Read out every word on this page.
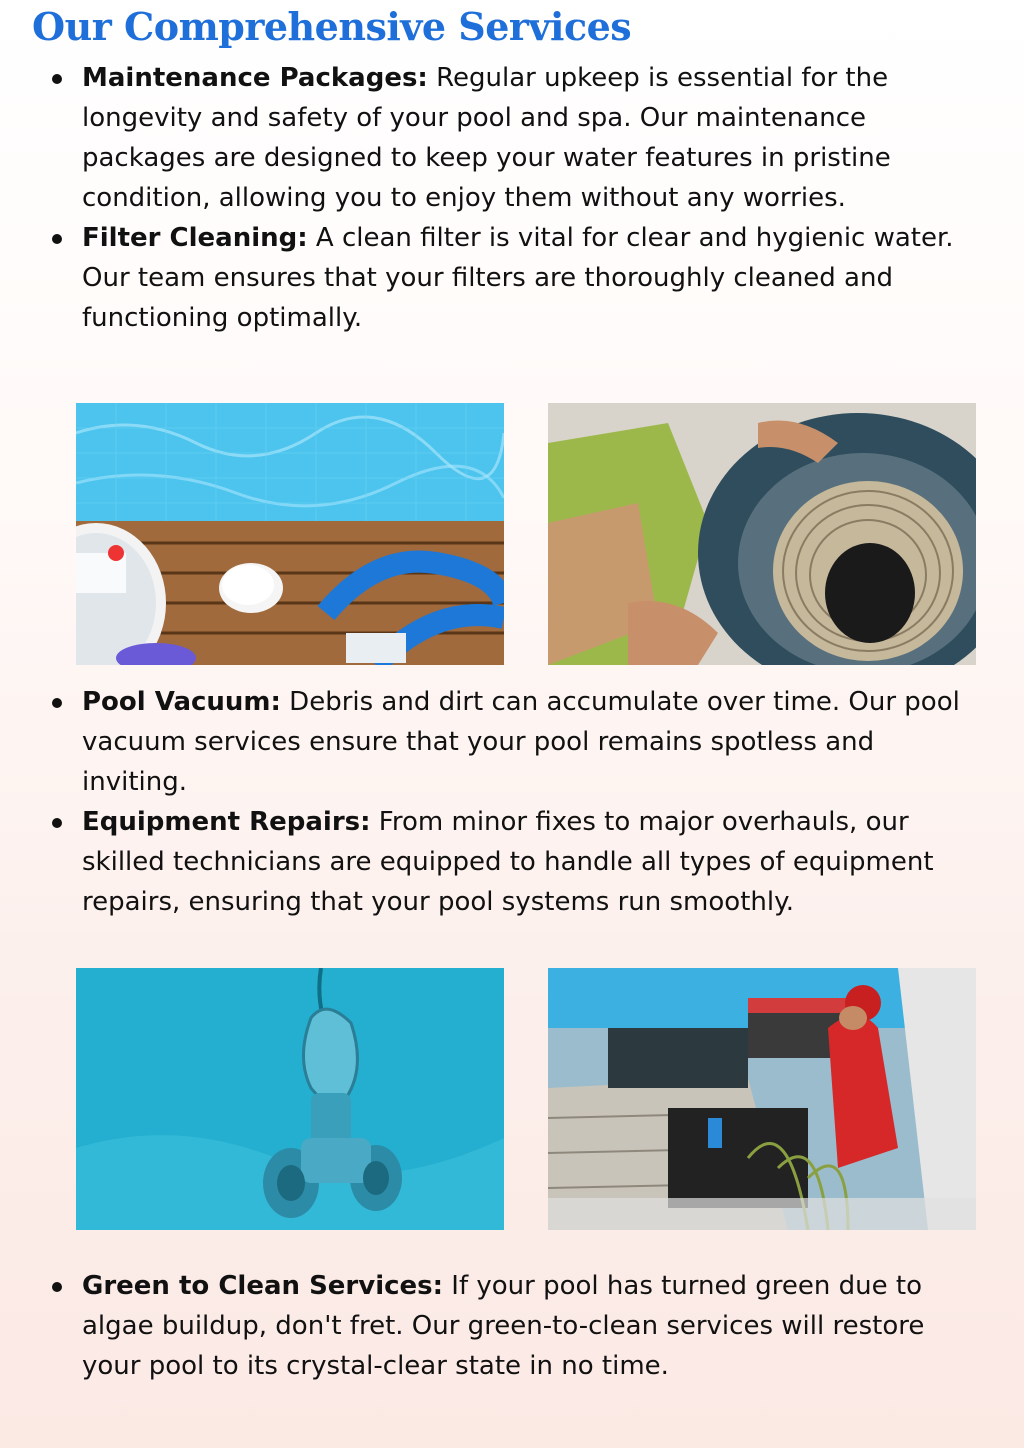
Our Comprehensive Services
Maintenance Packages: Regular upkeep is essential for the longevity and safety of your pool and spa. Our maintenance packages are designed to keep your water features in pristine condition, allowing you to enjoy them without any worries.
Filter Cleaning: A clean filter is vital for clear and hygienic water. Our team ensures that your filters are thoroughly cleaned and functioning optimally.
Pool Vacuum: Debris and dirt can accumulate over time. Our pool vacuum services ensure that your pool remains spotless and inviting.
Equipment Repairs: From minor fixes to major overhauls, our skilled technicians are equipped to handle all types of equipment repairs, ensuring that your pool systems run smoothly.
Green to Clean Services: If your pool has turned green due to algae buildup, don't fret. Our green-to-clean services will restore your pool to its crystal-clear state in no time.
